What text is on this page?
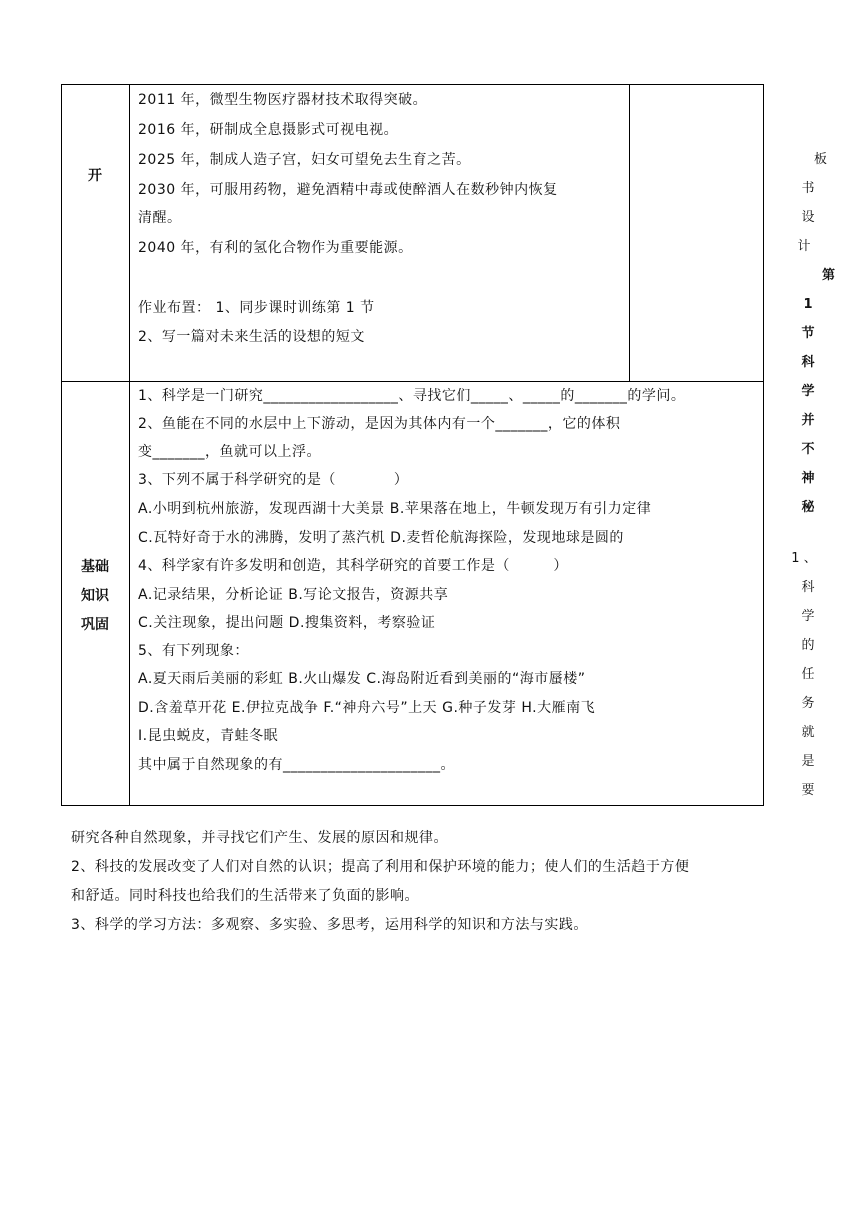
开
2011 年，微型生物医疗器材技术取得突破。
2016 年，研制成全息摄影式可视电视。
2025 年，制成人造子宫，妇女可望免去生育之苦。
2030 年，可服用药物，避免酒精中毒或使醉酒人在数秒钟内恢复
清醒。
2040 年，有利的氢化合物作为重要能源。
作业布置： 1、同步课时训练第 1 节
2、写一篇对未来生活的设想的短文
基础
知识
巩固
1、科学是一门研究__________________、寻找它们_____、_____的_______的学问。
2、鱼能在不同的水层中上下游动，是因为其体内有一个_______，它的体积
变_______，鱼就可以上浮。
3、下列不属于科学研究的是（　　　　）
A.小明到杭州旅游，发现西湖十大美景 B.苹果落在地上，牛顿发现万有引力定律
C.瓦特好奇于水的沸腾，发明了蒸汽机 D.麦哲伦航海探险，发现地球是圆的
4、科学家有许多发明和创造，其科学研究的首要工作是（　　　）
A.记录结果，分析论证 B.写论文报告，资源共享
C.关注现象，提出问题 D.搜集资料，考察验证
5、有下列现象：
A.夏天雨后美丽的彩虹 B.火山爆发 C.海岛附近看到美丽的“海市蜃楼”
D.含羞草开花 E.伊拉克战争 F.“神舟六号”上天 G.种子发芽 H.大雁南飞
I.昆虫蜕皮，青蛙冬眠
其中属于自然现象的有_____________________。
板
书
设
计
第
1
节
科
学
并
不
神
秘
1 、
科
学
的
任
务
就
是
要
研究各种自然现象，并寻找它们产生、发展的原因和规律。
2、科技的发展改变了人们对自然的认识；提高了利用和保护环境的能力；使人们的生活趋于方便
和舒适。同时科技也给我们的生活带来了负面的影响。
3、科学的学习方法：多观察、多实验、多思考，运用科学的知识和方法与实践。
